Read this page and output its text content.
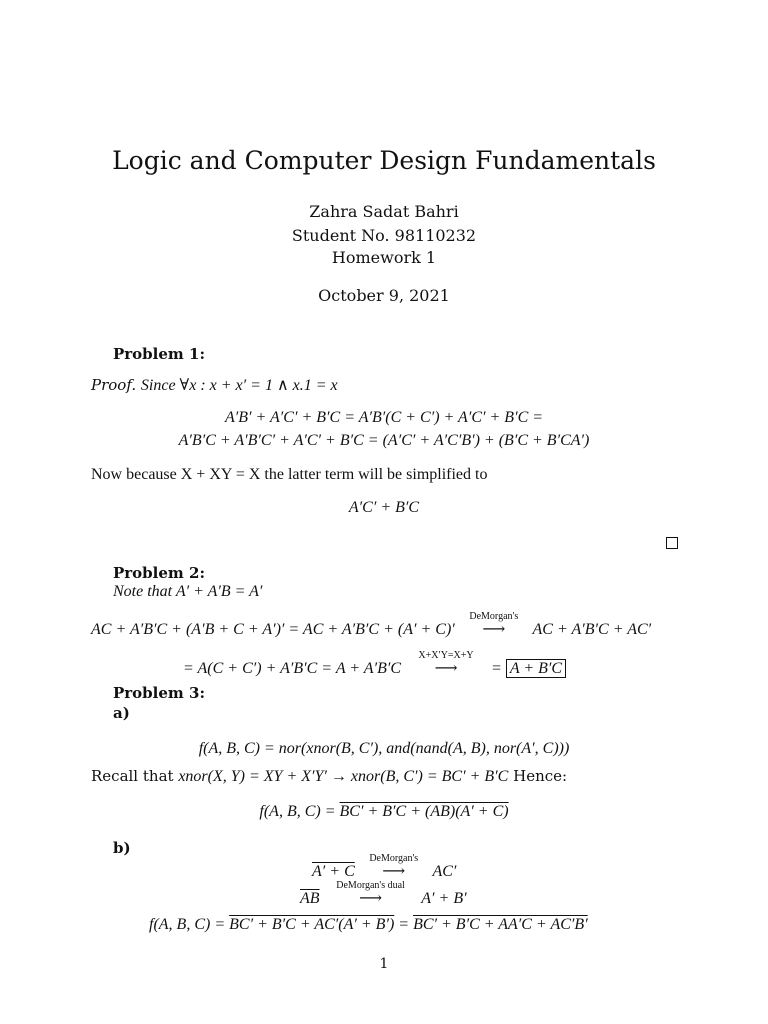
Logic and Computer Design Fundamentals
Zahra Sadat Bahri
Student No. 98110232
Homework 1
October 9, 2021
Problem 1:
Proof. Since ∀x : x + x′ = 1 ∧ x.1 = x
A′B′ + A′C′ + B′C = A′B′(C + C′) + A′C′ + B′C =
A′B′C + A′B′C′ + A′C′ + B′C = (A′C′ + A′C′B′) + (B′C + B′CA′)
Now because X + XY = X the latter term will be simplified to
A′C′ + B′C
Problem 2:
Note that A′ + A′B = A′
AC + A′B′C + (A′B + C + A′)′ = AC + A′B′C + (A′ + C)′
DeMorgan's
⟶ AC + A′B′C + AC′
= A(C + C′) + A′B′C = A + A′B′C
X+X′Y=X+Y
⟶ = A + B′C
Problem 3:
a)
f(A, B, C) = nor(xnor(B, C′), and(nand(A, B), nor(A′, C)))
Recall that xnor(X, Y) = XY + X′Y′ → xnor(B, C′) = BC′ + B′C Hence:
f(A, B, C) = BC′ + B′C + (AB)(A′ + C)
b)
A′ + C
DeMorgan's
⟶ AC′
$\overline{AB}$
DeMorgan's dual
⟶ A′ + B′
f(A, B, C) = BC′ + B′C + AC′(A′ + B′) = BC′ + B′C + AA′C + AC′B′
1
